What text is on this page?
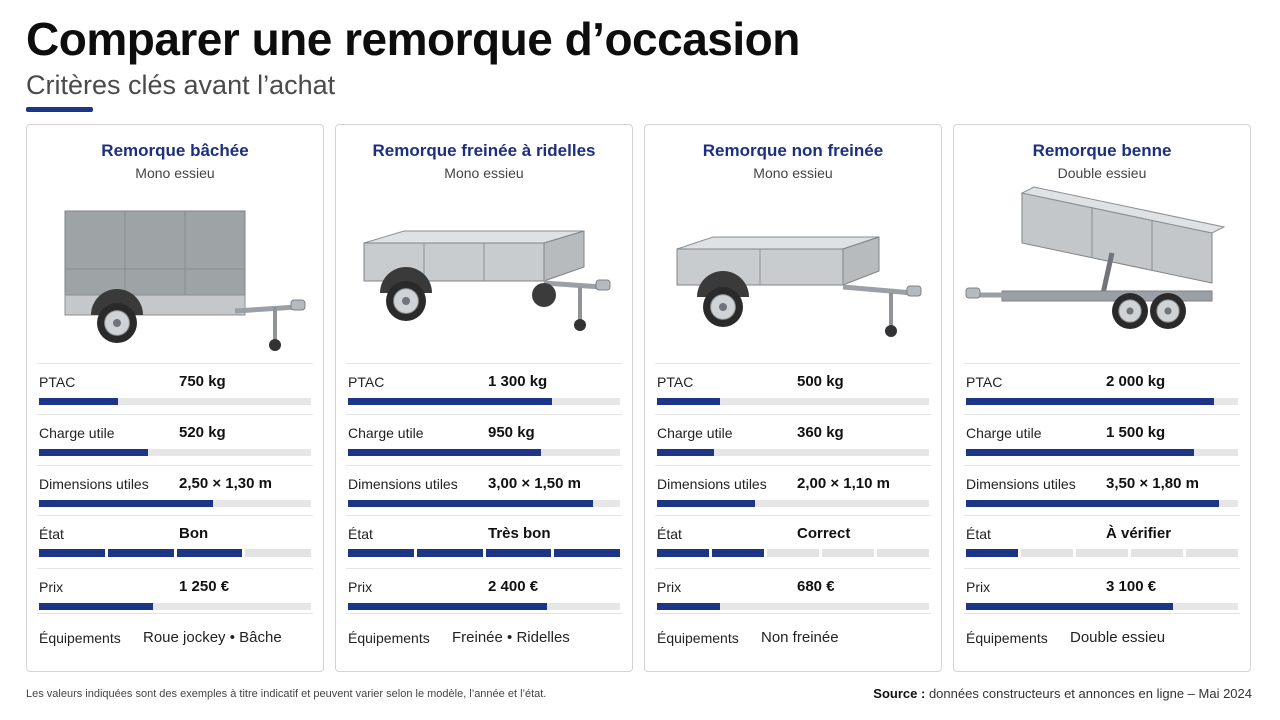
Comparer une remorque d’occasion
Critères clés avant l’achat
Remorque bâchée
Mono essieu
PTAC	750 kg
Charge utile	520 kg
Dimensions utiles 2,50 × 1,30 m
État	Bon
Prix	1 250 €
Équipements Roue jockey • Bâche
Remorque freinée à ridelles
Mono essieu
PTAC	1 300 kg
Charge utile	950 kg
Dimensions utiles 3,00 × 1,50 m
État	Très bon
Prix	2 400 €
Équipements Freinée • Ridelles
Remorque non freinée
Mono essieu
PTAC	500 kg
Charge utile	360 kg
Dimensions utiles 2,00 × 1,10 m
État	Correct
Prix	680 €
Équipements Non freinée
Remorque benne
Double essieu
PTAC	2 000 kg
Charge utile	1 500 kg
Dimensions utiles 3,50 × 1,80 m
État	À vérifier
Prix	3 100 €
Équipements Double essieu
Les valeurs indiquées sont des exemples à titre indicatif et peuvent varier selon le modèle, l’année et l’état.	Source : données constructeurs et annonces en ligne – Mai 2024
